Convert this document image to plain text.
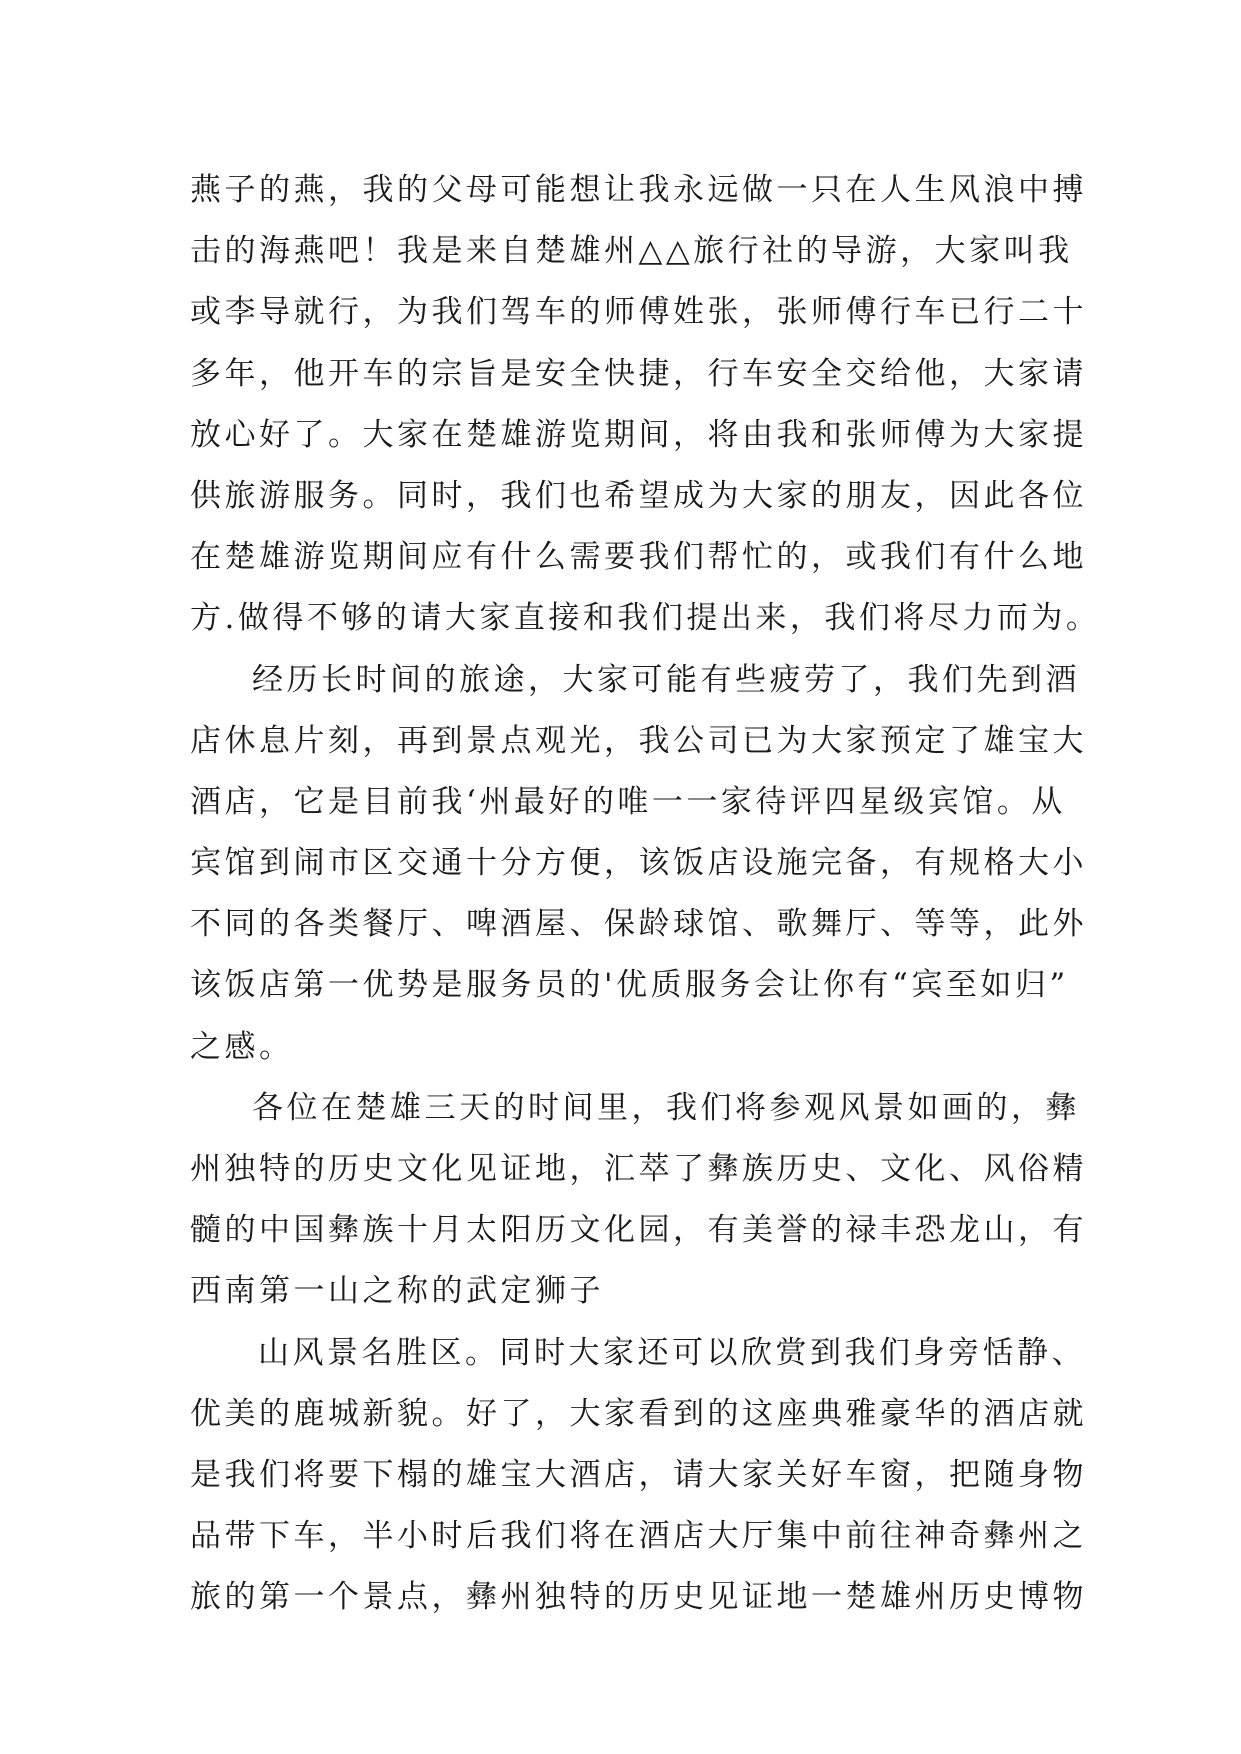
燕子的燕，我的父母可能想让我永远做一只在人生风浪中搏
击的海燕吧！我是来自楚雄州△△旅行社的导游，大家叫我
或李导就行，为我们驾车的师傅姓张，张师傅行车已行二十
多年，他开车的宗旨是安全快捷，行车安全交给他，大家请
放心好了。大家在楚雄游览期间，将由我和张师傅为大家提
供旅游服务。同时，我们也希望成为大家的朋友，因此各位
在楚雄游览期间应有什么需要我们帮忙的，或我们有什么地
方.做得不够的请大家直接和我们提出来，我们将尽力而为。
经历长时间的旅途，大家可能有些疲劳了，我们先到酒
店休息片刻，再到景点观光，我公司已为大家预定了雄宝大
酒店，它是目前我‘州最好的唯一一家待评四星级宾馆。从
宾馆到闹市区交通十分方便，该饭店设施完备，有规格大小
不同的各类餐厅、啤酒屋、保龄球馆、歌舞厅、等等，此外
该饭店第一优势是服务员的'优质服务会让你有“宾至如归”
之感。
各位在楚雄三天的时间里，我们将参观风景如画的，彝
州独特的历史文化见证地，汇萃了彝族历史、文化、风俗精
髓的中国彝族十月太阳历文化园，有美誉的禄丰恐龙山，有
西南第一山之称的武定狮子
山风景名胜区。同时大家还可以欣赏到我们身旁恬静、
优美的鹿城新貌。好了，大家看到的这座典雅豪华的酒店就
是我们将要下榻的雄宝大酒店，请大家关好车窗，把随身物
品带下车，半小时后我们将在酒店大厅集中前往神奇彝州之
旅的第一个景点，彝州独特的历史见证地一楚雄州历史博物
